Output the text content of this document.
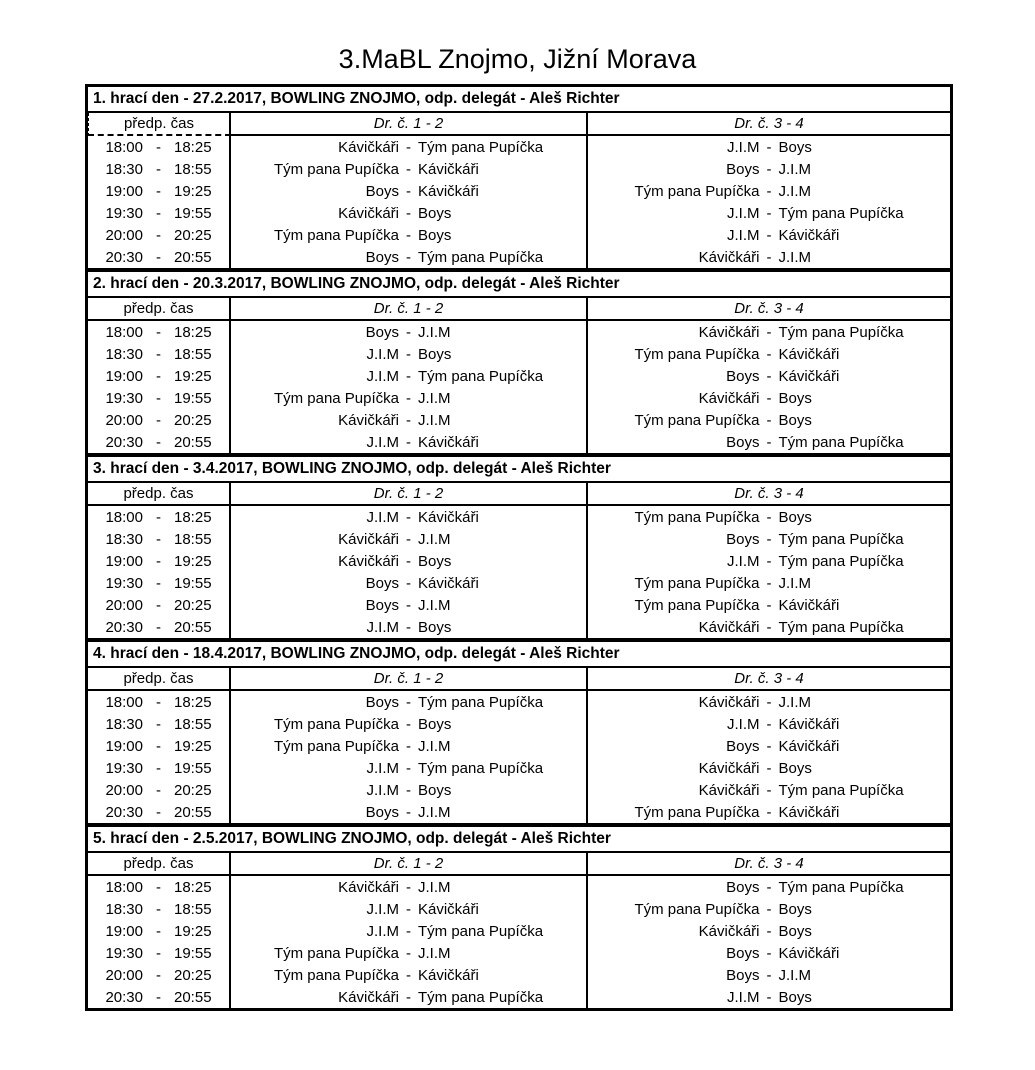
3.MaBL Znojmo, Jižní Morava
1. hrací den - 27.2.2017, BOWLING ZNOJMO, odp. delegát - Aleš Richter
předp. čas	Dr. č. 1 - 2	Dr. č. 3 - 4
18:00 - 18:25	Kávičkáři - Tým pana Pupíčka	J.I.M - Boys
18:30 - 18:55	Tým pana Pupíčka - Kávičkáři	Boys - J.I.M
19:00 - 19:25	Boys - Kávičkáři	Tým pana Pupíčka - J.I.M
19:30 - 19:55	Kávičkáři - Boys	J.I.M - Tým pana Pupíčka
20:00 - 20:25	Tým pana Pupíčka - Boys	J.I.M - Kávičkáři
20:30 - 20:55	Boys - Tým pana Pupíčka	Kávičkáři - J.I.M
2. hrací den - 20.3.2017, BOWLING ZNOJMO, odp. delegát - Aleš Richter
předp. čas	Dr. č. 1 - 2	Dr. č. 3 - 4
18:00 - 18:25	Boys - J.I.M	Kávičkáři - Tým pana Pupíčka
18:30 - 18:55	J.I.M - Boys	Tým pana Pupíčka - Kávičkáři
19:00 - 19:25	J.I.M - Tým pana Pupíčka	Boys - Kávičkáři
19:30 - 19:55	Tým pana Pupíčka - J.I.M	Kávičkáři - Boys
20:00 - 20:25	Kávičkáři - J.I.M	Tým pana Pupíčka - Boys
20:30 - 20:55	J.I.M - Kávičkáři	Boys - Tým pana Pupíčka
3. hrací den - 3.4.2017, BOWLING ZNOJMO, odp. delegát - Aleš Richter
předp. čas	Dr. č. 1 - 2	Dr. č. 3 - 4
18:00 - 18:25	J.I.M - Kávičkáři	Tým pana Pupíčka - Boys
18:30 - 18:55	Kávičkáři - J.I.M	Boys - Tým pana Pupíčka
19:00 - 19:25	Kávičkáři - Boys	J.I.M - Tým pana Pupíčka
19:30 - 19:55	Boys - Kávičkáři	Tým pana Pupíčka - J.I.M
20:00 - 20:25	Boys - J.I.M	Tým pana Pupíčka - Kávičkáři
20:30 - 20:55	J.I.M - Boys	Kávičkáři - Tým pana Pupíčka
4. hrací den - 18.4.2017, BOWLING ZNOJMO, odp. delegát - Aleš Richter
předp. čas	Dr. č. 1 - 2	Dr. č. 3 - 4
18:00 - 18:25	Boys - Tým pana Pupíčka	Kávičkáři - J.I.M
18:30 - 18:55	Tým pana Pupíčka - Boys	J.I.M - Kávičkáři
19:00 - 19:25	Tým pana Pupíčka - J.I.M	Boys - Kávičkáři
19:30 - 19:55	J.I.M - Tým pana Pupíčka	Kávičkáři - Boys
20:00 - 20:25	J.I.M - Boys	Kávičkáři - Tým pana Pupíčka
20:30 - 20:55	Boys - J.I.M	Tým pana Pupíčka - Kávičkáři
5. hrací den - 2.5.2017, BOWLING ZNOJMO, odp. delegát - Aleš Richter
předp. čas	Dr. č. 1 - 2	Dr. č. 3 - 4
18:00 - 18:25	Kávičkáři - J.I.M	Boys - Tým pana Pupíčka
18:30 - 18:55	J.I.M - Kávičkáři	Tým pana Pupíčka - Boys
19:00 - 19:25	J.I.M - Tým pana Pupíčka	Kávičkáři - Boys
19:30 - 19:55	Tým pana Pupíčka - J.I.M	Boys - Kávičkáři
20:00 - 20:25	Tým pana Pupíčka - Kávičkáři	Boys - J.I.M
20:30 - 20:55	Kávičkáři - Tým pana Pupíčka	J.I.M - Boys
